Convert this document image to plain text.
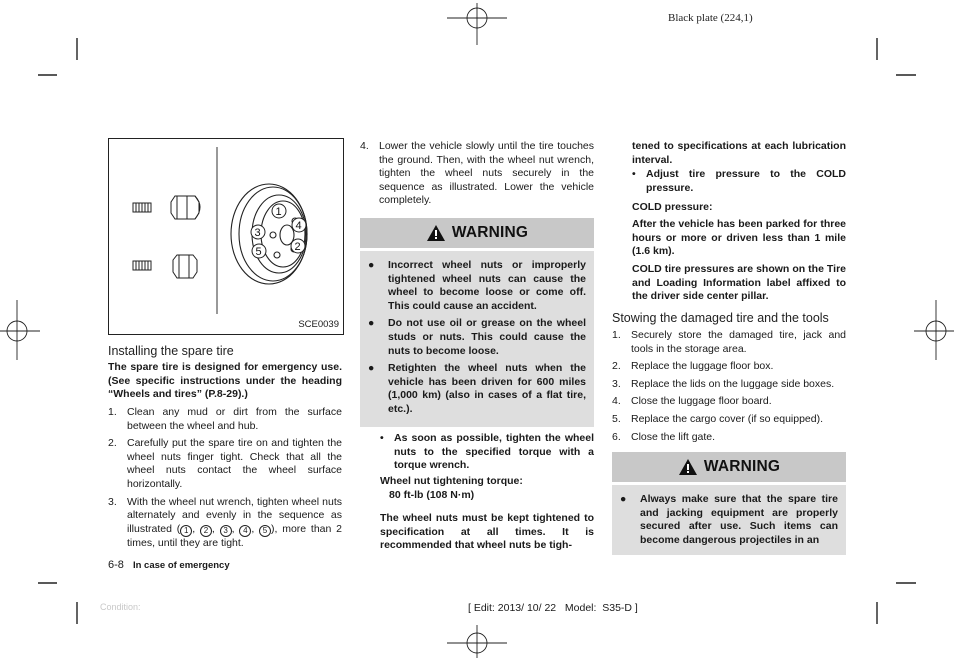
Black plate (224,1)
1
4
3
5	2
SCE0039
Installing the spare tire
The spare tire is designed for emergency use. (See specific instructions under the heading “Wheels and tires” (P.8-29).)
1. Clean any mud or dirt from the surface between the wheel and hub.
2. Carefully put the spare tire on and tighten the wheel nuts finger tight. Check that all the wheel nuts contact the wheel surface horizontally.
3. With the wheel nut wrench, tighten wheel nuts alternately and evenly in the sequence as illustrated ( 1 , 2 , 3 , 4 , 5 ), more than 2 times, until they are tight.
4. Lower the vehicle slowly until the tire touches the ground. Then, with the wheel nut wrench, tighten the wheel nuts securely in the sequence as illustrated. Lower the vehicle completely.
WARNING
● Incorrect wheel nuts or improperly tightened wheel nuts can cause the wheel to become loose or come off. This could cause an accident.
● Do not use oil or grease on the wheel studs or nuts. This could cause the nuts to become loose.
● Retighten the wheel nuts when the vehicle has been driven for 600 miles (1,000 km) (also in cases of a flat tire, etc.).
• As soon as possible, tighten the wheel nuts to the specified torque with a torque wrench.
Wheel nut tightening torque:
80 ft-lb (108 N·m)
The wheel nuts must be kept tightened to specification at all times. It is recommended that wheel nuts be tigh-
tened to specifications at each lubrication interval.
• Adjust tire pressure to the COLD pressure.
COLD pressure:
After the vehicle has been parked for three hours or more or driven less than 1 mile (1.6 km).
COLD tire pressures are shown on the Tire and Loading Information label affixed to the driver side center pillar.
Stowing the damaged tire and the tools
1. Securely store the damaged tire, jack and tools in the storage area.
2. Replace the luggage floor box.
3. Replace the lids on the luggage side boxes.
4. Close the luggage floor board.
5. Replace the cargo cover (if so equipped).
6. Close the lift gate.
WARNING
● Always make sure that the spare tire and jacking equipment are properly secured after use. Such items can become dangerous projectiles in an
6-8 In case of emergency
Condition:	[ Edit: 2013/ 10/ 22   Model:  S35-D ]
